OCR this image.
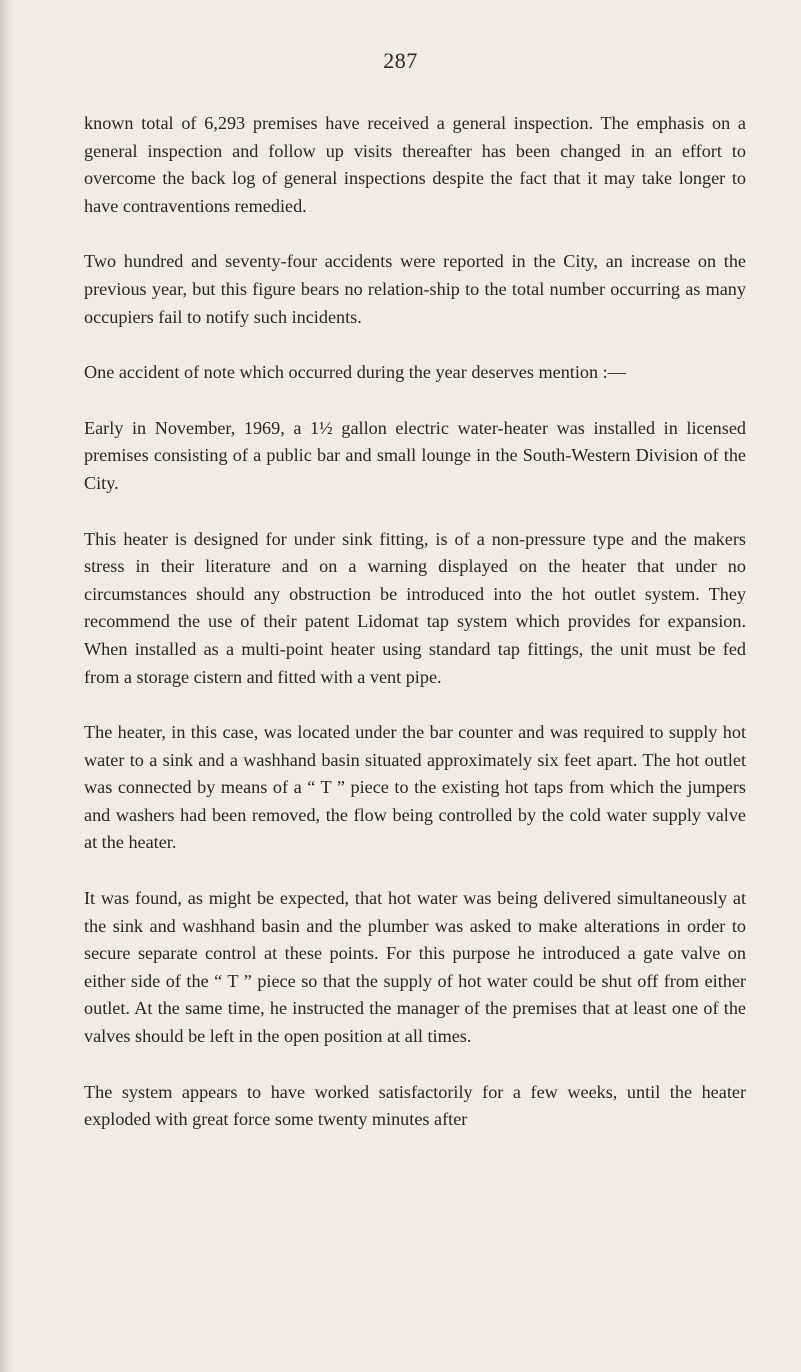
287

known total of 6,293 premises have received a general inspection. The emphasis on a general inspection and follow up visits thereafter has been changed in an effort to overcome the back log of general inspections despite the fact that it may take longer to have contraventions remedied.

Two hundred and seventy-four accidents were reported in the City, an increase on the previous year, but this figure bears no relation-ship to the total number occurring as many occupiers fail to notify such incidents.

One accident of note which occurred during the year deserves mention :—

Early in November, 1969, a 1½ gallon electric water-heater was installed in licensed premises consisting of a public bar and small lounge in the South-Western Division of the City.

This heater is designed for under sink fitting, is of a non-pressure type and the makers stress in their literature and on a warning displayed on the heater that under no circumstances should any obstruction be introduced into the hot outlet system. They recommend the use of their patent Lidomat tap system which provides for expansion. When installed as a multi-point heater using standard tap fittings, the unit must be fed from a storage cistern and fitted with a vent pipe.

The heater, in this case, was located under the bar counter and was required to supply hot water to a sink and a washhand basin situated approximately six feet apart. The hot outlet was connected by means of a “ T ” piece to the existing hot taps from which the jumpers and washers had been removed, the flow being controlled by the cold water supply valve at the heater.

It was found, as might be expected, that hot water was being delivered simultaneously at the sink and washhand basin and the plumber was asked to make alterations in order to secure separate control at these points. For this purpose he introduced a gate valve on either side of the “ T ” piece so that the supply of hot water could be shut off from either outlet. At the same time, he instructed the manager of the premises that at least one of the valves should be left in the open position at all times.

The system appears to have worked satisfactorily for a few weeks, until the heater exploded with great force some twenty minutes after
